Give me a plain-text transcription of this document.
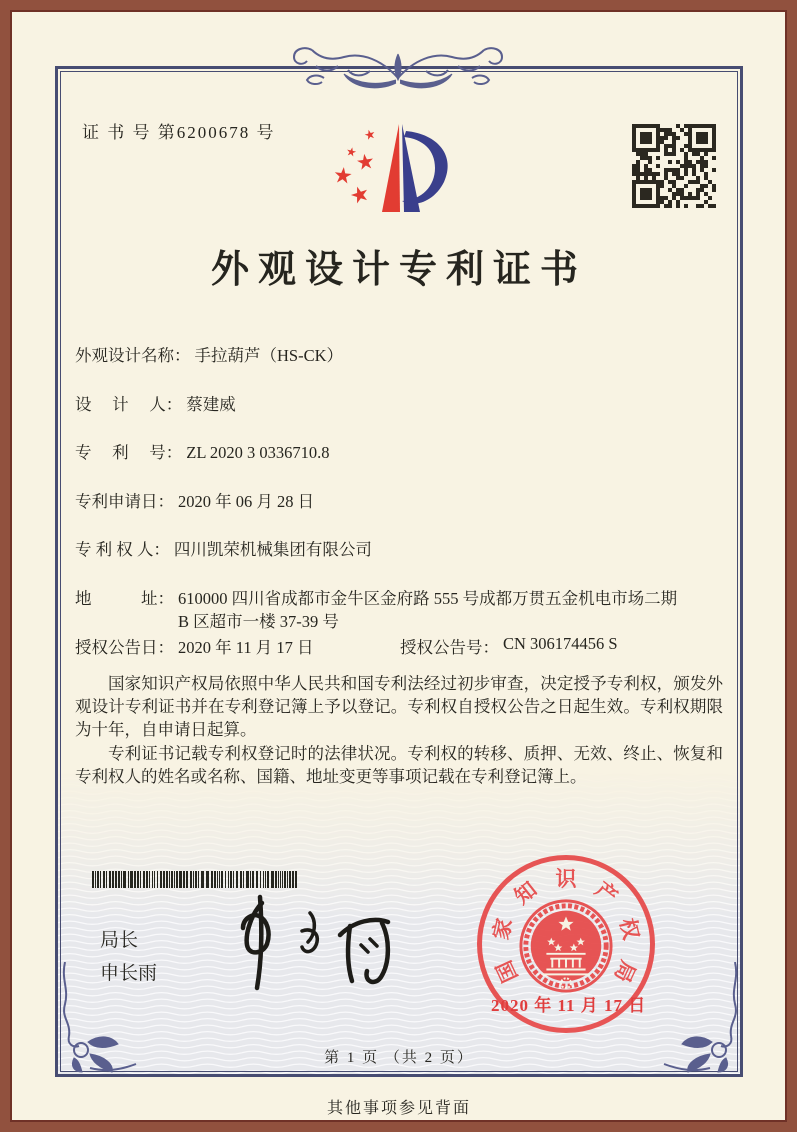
★
★
★
★
★
证 书 号 第6200678 号
外观设计专利证书
外观设计名称： 手拉葫芦（HS-CK）
设　 计 　人： 蔡建威
专　 利 　号： ZL 2020 3 0336710.8
专利申请日： 2020 年 06 月 28 日
专 利 权 人： 四川凯荣机械集团有限公司
地　　　址： 610000 四川省成都市金牛区金府路 555 号成都万贯五金机电市场二期 B 区超市一楼 37-39 号
授权公告日： 2020 年 11 月 17 日	授权公告号： CN 306174456 S

国家知识产权局依照中华人民共和国专利法经过初步审查，决定授予专利权，颁发外观设计专利证书并在专利登记簿上予以登记。专利权自授权公告之日起生效。专利权期限为十年，自申请日起算。

专利证书记载专利权登记时的法律状况。专利权的转移、质押、无效、终止、恢复和专利权人的姓名或名称、国籍、地址变更等事项记载在专利登记簿上。

局长
申长雨	国
家
知 识 产
权
局
2020 年 11 月 17 日
第 1 页 （共 2 页）
其他事项参见背面
